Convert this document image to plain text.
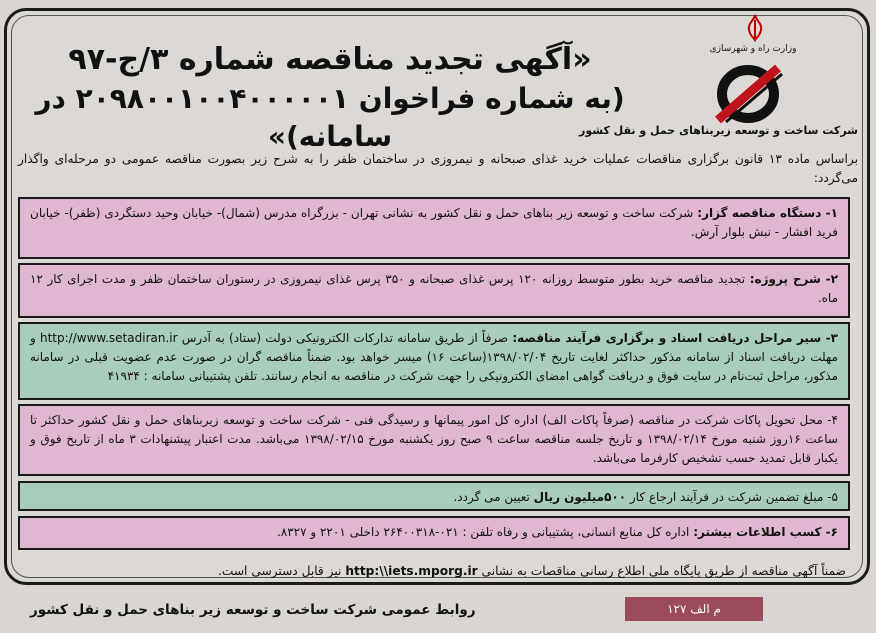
وزارت راه و شهرسازی
شرکت ساخت و توسعه زیربناهای حمل و نقل کشور
«آگهی تجدید مناقصه شماره ۳/ج-۹۷
(به شماره فراخوان ۲۰۹۸۰۰۱۰۰۴۰۰۰۰۰۱ در سامانه)»
براساس ماده ۱۳ قانون برگزاری مناقصات عملیات خرید غذای صبحانه و نیمروزی در ساختمان ظفر را به شرح زیر بصورت مناقصه عمومی دو مرحله‌ای واگذار می‌گردد:
۱- دستگاه مناقصه گزار: شرکت ساخت و توسعه زیر بناهای حمل و نقل کشور به نشانی تهران - بزرگراه مدرس (شمال)- خیابان وحید دستگردی (ظفر)- خیابان فرید افشار - نبش بلوار آرش.
۲- شرح پروژه: تجدید مناقصه خرید بطور متوسط روزانه ۱۲۰ پرس غذای صبحانه و ۳۵۰ پرس غذای نیمروزی در رستوران ساختمان ظفر و مدت اجرای کار ۱۲ ماه.
۳- سیر مراحل دریافت اسناد و برگزاری فرآیند مناقصه: صرفاً از طریق سامانه تدارکات الکترونیکی دولت (ستاد) به آدرس http://www.setadiran.ir و مهلت دریافت اسناد از سامانه مذکور حداکثر لغایت تاریخ ۱۳۹۸/۰۲/۰۴(ساعت ۱۶) میسر خواهد بود. ضمناً مناقصه گران در صورت عدم عضویت قبلی در سامانه مذکور، مراحل ثبت‌نام در سایت فوق و دریافت گواهی امضای الکترونیکی را جهت شرکت در مناقصه به انجام رسانند. تلفن پشتیبانی سامانه : ۴۱۹۳۴
۴- محل تحویل پاکات شرکت در مناقصه (صرفاً پاکات الف) اداره کل امور پیمانها و رسیدگی فنی - شرکت ساخت و توسعه زیربناهای حمل و نقل کشور حداکثر تا ساعت ۱۶روز شنبه مورخ ۱۳۹۸/۰۲/۱۴ و تاریخ جلسه مناقصه ساعت ۹ صبح روز یکشنبه مورخ ۱۳۹۸/۰۲/۱۵ می‌باشد. مدت اعتبار پیشنهادات ۳ ماه از تاریخ فوق و یکبار قابل تمدید حسب تشخیص کارفرما می‌باشد.
۵- مبلغ تضمین شرکت در فرآیند ارجاع کار ۵۰۰میلیون ریال تعیین می گردد.
۶- کسب اطلاعات بیشتر: اداره کل منابع انسانی، پشتیبانی و رفاه تلفن : ۰۲۱-۲۶۴۰۰۳۱۸ داخلی ۲۲۰۱ و ۸۳۲۷.
ضمناً آگهی مناقصه از طریق پایگاه ملی اطلاع رسانی مناقصات به نشانی http:\\iets.mporg.ir نیز قابل دسترسی است.
م الف ۱۲۷
روابط عمومی شرکت ساخت و توسعه زیر بناهای حمل و نقل کشور
